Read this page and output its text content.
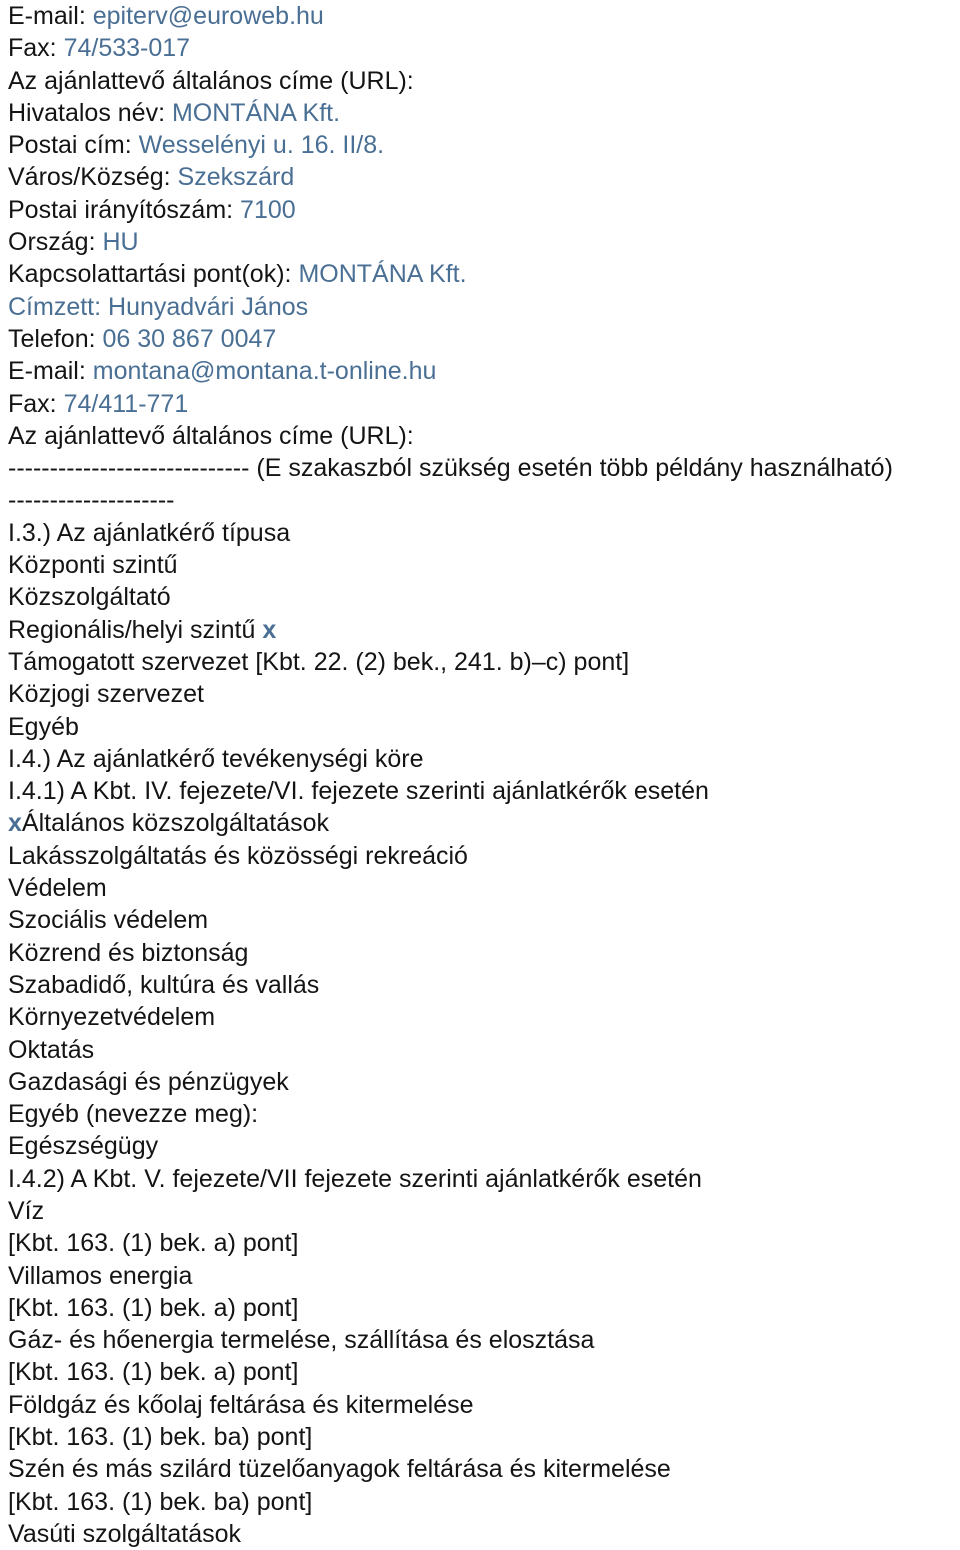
E-mail: epiterv@euroweb.hu
Fax: 74/533-017
Az ajánlattevő általános címe (URL):
Hivatalos név: MONTÁNA Kft.
Postai cím: Wesselényi u. 16. II/8.
Város/Község: Szekszárd
Postai irányítószám: 7100
Ország: HU
Kapcsolattartási pont(ok): MONTÁNA Kft.
Címzett: Hunyadvári János
Telefon: 06 30 867 0047
E-mail: montana@montana.t-online.hu
Fax: 74/411-771
Az ajánlattevő általános címe (URL):
----------------------------- (E szakaszból szükség esetén több példány használható)
--------------------
I.3.) Az ajánlatkérő típusa
Központi szintű
Közszolgáltató
Regionális/helyi szintű x
Támogatott szervezet [Kbt. 22. (2) bek., 241. b)–c) pont]
Közjogi szervezet
Egyéb
I.4.) Az ajánlatkérő tevékenységi köre
I.4.1) A Kbt. IV. fejezete/VI. fejezete szerinti ajánlatkérők esetén
xÁltalános közszolgáltatások
Lakásszolgáltatás és közösségi rekreáció
Védelem
Szociális védelem
Közrend és biztonság
Szabadidő, kultúra és vallás
Környezetvédelem
Oktatás
Gazdasági és pénzügyek
Egyéb (nevezze meg):
Egészségügy
I.4.2) A Kbt. V. fejezete/VII fejezete szerinti ajánlatkérők esetén
Víz
[Kbt. 163. (1) bek. a) pont]
Villamos energia
[Kbt. 163. (1) bek. a) pont]
Gáz- és hőenergia termelése, szállítása és elosztása
[Kbt. 163. (1) bek. a) pont]
Földgáz és kőolaj feltárása és kitermelése
[Kbt. 163. (1) bek. ba) pont]
Szén és más szilárd tüzelőanyagok feltárása és kitermelése
[Kbt. 163. (1) bek. ba) pont]
Vasúti szolgáltatások
